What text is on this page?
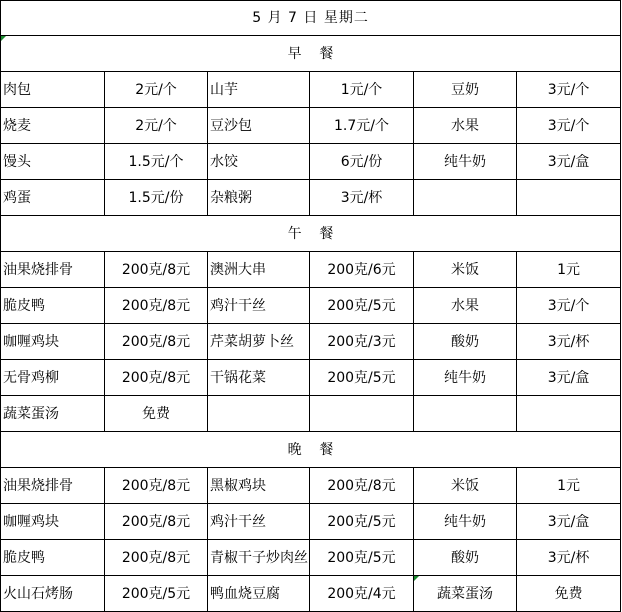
5 月 7 日 星期二					
早    餐					

肉包	2元/个	山芋	1元/个	豆奶	3元/个
烧麦	2元/个	豆沙包	1.7元/个	水果	3元/个
馒头	1.5元/个	水饺	6元/份	纯牛奶	3元/盒
鸡蛋	1.5元/份	杂粮粥	3元/杯		
午    餐					
油果烧排骨	200克/8元	澳洲大串	200克/6元	米饭	1元
脆皮鸭	200克/8元	鸡汁干丝	200克/5元	水果	3元/个
咖喱鸡块	200克/8元	芹菜胡萝卜丝	200克/3元	酸奶	3元/杯
无骨鸡柳	200克/8元	干锅花菜	200克/5元	纯牛奶	3元/盒
蔬菜蛋汤	免费				
晚    餐					
油果烧排骨	200克/8元	黑椒鸡块	200克/8元	米饭	1元
咖喱鸡块	200克/8元	鸡汁干丝	200克/5元	纯牛奶	3元/盒
脆皮鸭	200克/8元	青椒干子炒肉丝	200克/5元	酸奶	3元/杯
火山石烤肠	200克/5元	鸭血烧豆腐	200克/4元	蔬菜蛋汤	免费
